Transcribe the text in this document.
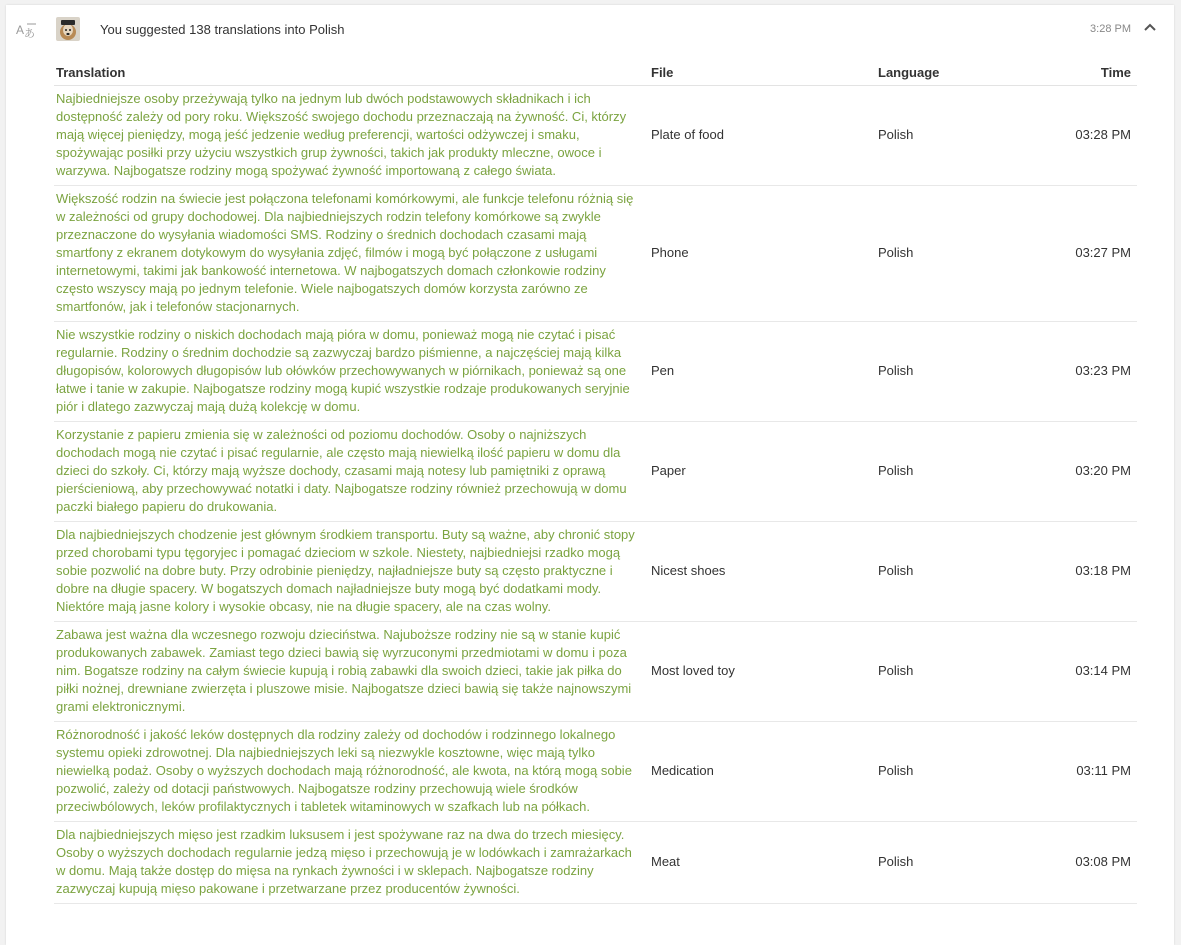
A あ	You suggested 138 translations into Polish	3:28 PM
Translation	File	Language	Time
Najbiedniejsze osoby przeżywają tylko na jednym lub dwóch podstawowych składnikach i ich dostępność zależy od pory roku. Większość swojego dochodu przeznaczają na żywność. Ci, którzy mają więcej pieniędzy, mogą jeść jedzenie według preferencji, wartości odżywczej i smaku, spożywając posiłki przy użyciu wszystkich grup żywności, takich jak produkty mleczne, owoce i warzywa. Najbogatsze rodziny mogą spożywać żywność importowaną z całego świata.	Plate of food	Polish	03:28 PM
Większość rodzin na świecie jest połączona telefonami komórkowymi, ale funkcje telefonu różnią się w zależności od grupy dochodowej. Dla najbiedniejszych rodzin telefony komórkowe są zwykle przeznaczone do wysyłania wiadomości SMS. Rodziny o średnich dochodach czasami mają smartfony z ekranem dotykowym do wysyłania zdjęć, filmów i mogą być połączone z usługami internetowymi, takimi jak bankowość internetowa. W najbogatszych domach członkowie rodziny często wszyscy mają po jednym telefonie. Wiele najbogatszych domów korzysta zarówno ze smartfonów, jak i telefonów stacjonarnych.	Phone	Polish	03:27 PM
Nie wszystkie rodziny o niskich dochodach mają pióra w domu, ponieważ mogą nie czytać i pisać regularnie. Rodziny o średnim dochodzie są zazwyczaj bardzo piśmienne, a najczęściej mają kilka długopisów, kolorowych długopisów lub ołówków przechowywanych w piórnikach, ponieważ są one łatwe i tanie w zakupie. Najbogatsze rodziny mogą kupić wszystkie rodzaje produkowanych seryjnie piór i dlatego zazwyczaj mają dużą kolekcję w domu.	Pen	Polish	03:23 PM
Korzystanie z papieru zmienia się w zależności od poziomu dochodów. Osoby o najniższych dochodach mogą nie czytać i pisać regularnie, ale często mają niewielką ilość papieru w domu dla dzieci do szkoły. Ci, którzy mają wyższe dochody, czasami mają notesy lub pamiętniki z oprawą pierścieniową, aby przechowywać notatki i daty. Najbogatsze rodziny również przechowują w domu paczki białego papieru do drukowania.	Paper	Polish	03:20 PM
Dla najbiedniejszych chodzenie jest głównym środkiem transportu. Buty są ważne, aby chronić stopy przed chorobami typu tęgoryjec i pomagać dzieciom w szkole. Niestety, najbiedniejsi rzadko mogą sobie pozwolić na dobre buty. Przy odrobinie pieniędzy, najładniejsze buty są często praktyczne i dobre na długie spacery. W bogatszych domach najładniejsze buty mogą być dodatkami mody. Niektóre mają jasne kolory i wysokie obcasy, nie na długie spacery, ale na czas wolny.	Nicest shoes	Polish	03:18 PM
Zabawa jest ważna dla wczesnego rozwoju dzieciństwa. Najuboższe rodziny nie są w stanie kupić produkowanych zabawek. Zamiast tego dzieci bawią się wyrzuconymi przedmiotami w domu i poza nim. Bogatsze rodziny na całym świecie kupują i robią zabawki dla swoich dzieci, takie jak piłka do piłki nożnej, drewniane zwierzęta i pluszowe misie. Najbogatsze dzieci bawią się także najnowszymi grami elektronicznymi.	Most loved toy	Polish	03:14 PM
Różnorodność i jakość leków dostępnych dla rodziny zależy od dochodów i rodzinnego lokalnego systemu opieki zdrowotnej. Dla najbiedniejszych leki są niezwykle kosztowne, więc mają tylko niewielką podaż. Osoby o wyższych dochodach mają różnorodność, ale kwota, na którą mogą sobie pozwolić, zależy od dotacji państwowych. Najbogatsze rodziny przechowują wiele środków przeciwbólowych, leków profilaktycznych i tabletek witaminowych w szafkach lub na półkach.	Medication	Polish	03:11 PM
Dla najbiedniejszych mięso jest rzadkim luksusem i jest spożywane raz na dwa do trzech miesięcy. Osoby o wyższych dochodach regularnie jedzą mięso i przechowują je w lodówkach i zamrażarkach w domu. Mają także dostęp do mięsa na rynkach żywności i w sklepach. Najbogatsze rodziny zazwyczaj kupują mięso pakowane i przetwarzane przez producentów żywności.	Meat	Polish	03:08 PM
